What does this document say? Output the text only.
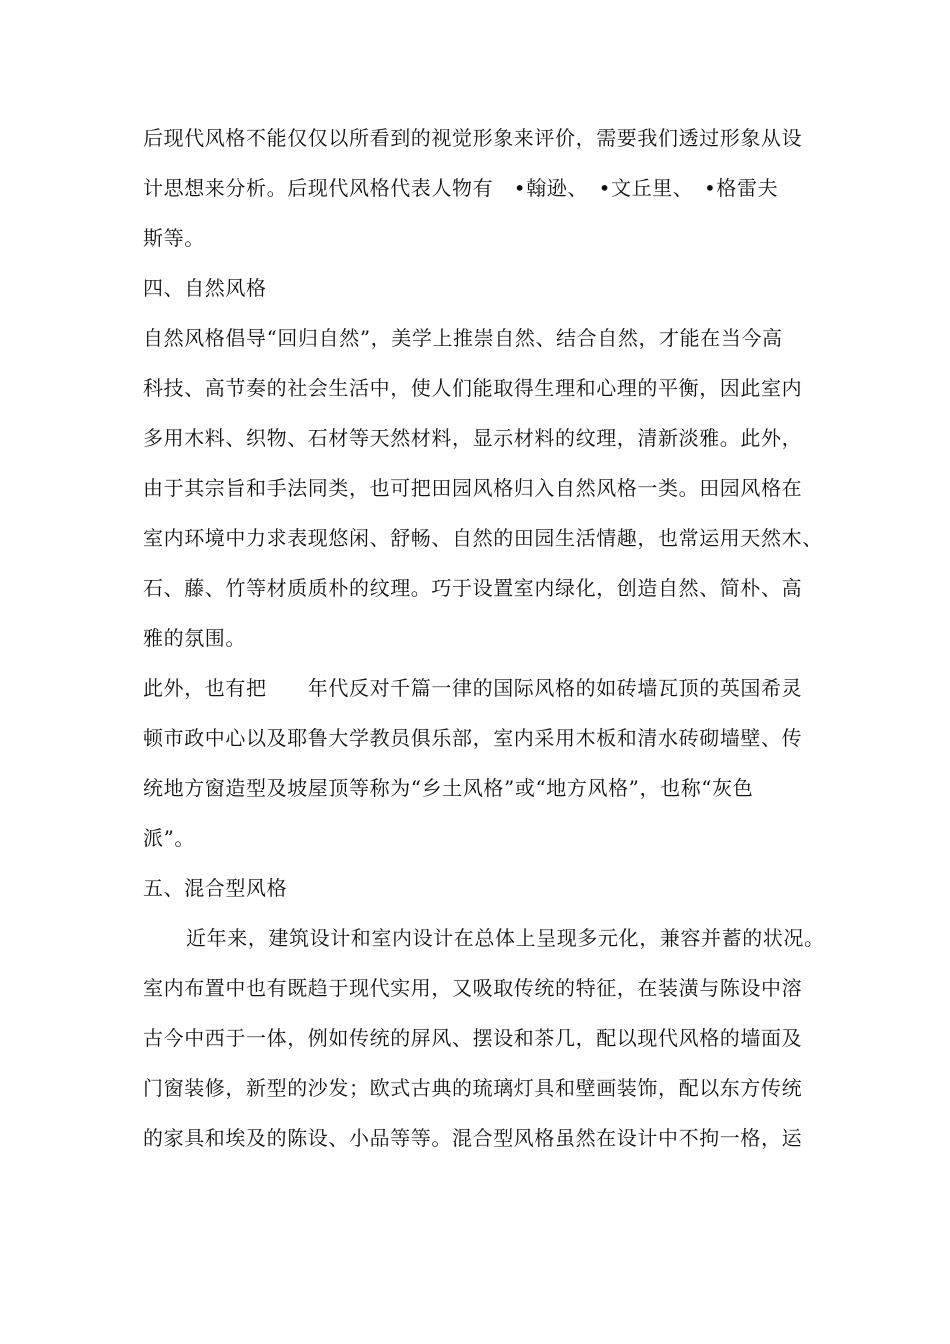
后现代风格不能仅仅以所看到的视觉形象来评价，需要我们透过形象从设
计思想来分析。后现代风格代表人物有　•翰逊、　•文丘里、　•格雷夫
斯等。
四、自然风格
自然风格倡导“回归自然”，美学上推崇自然、结合自然，才能在当今高
科技、高节奏的社会生活中，使人们能取得生理和心理的平衡，因此室内
多用木料、织物、石材等天然材料，显示材料的纹理，清新淡雅。此外，
由于其宗旨和手法同类，也可把田园风格归入自然风格一类。田园风格在
室内环境中力求表现悠闲、舒畅、自然的田园生活情趣，也常运用天然木、
石、藤、竹等材质质朴的纹理。巧于设置室内绿化，创造自然、简朴、高
雅的氛围。
此外，也有把　　年代反对千篇一律的国际风格的如砖墙瓦顶的英国希灵
顿市政中心以及耶鲁大学教员俱乐部，室内采用木板和清水砖砌墙壁、传
统地方窗造型及坡屋顶等称为“乡土风格”或“地方风格”，也称“灰色
派”。
五、混合型风格
近年来，建筑设计和室内设计在总体上呈现多元化，兼容并蓄的状况。
室内布置中也有既趋于现代实用，又吸取传统的特征，在装潢与陈设中溶
古今中西于一体，例如传统的屏风、摆设和茶几，配以现代风格的墙面及
门窗装修，新型的沙发；欧式古典的琉璃灯具和壁画装饰，配以东方传统
的家具和埃及的陈设、小品等等。混合型风格虽然在设计中不拘一格，运
